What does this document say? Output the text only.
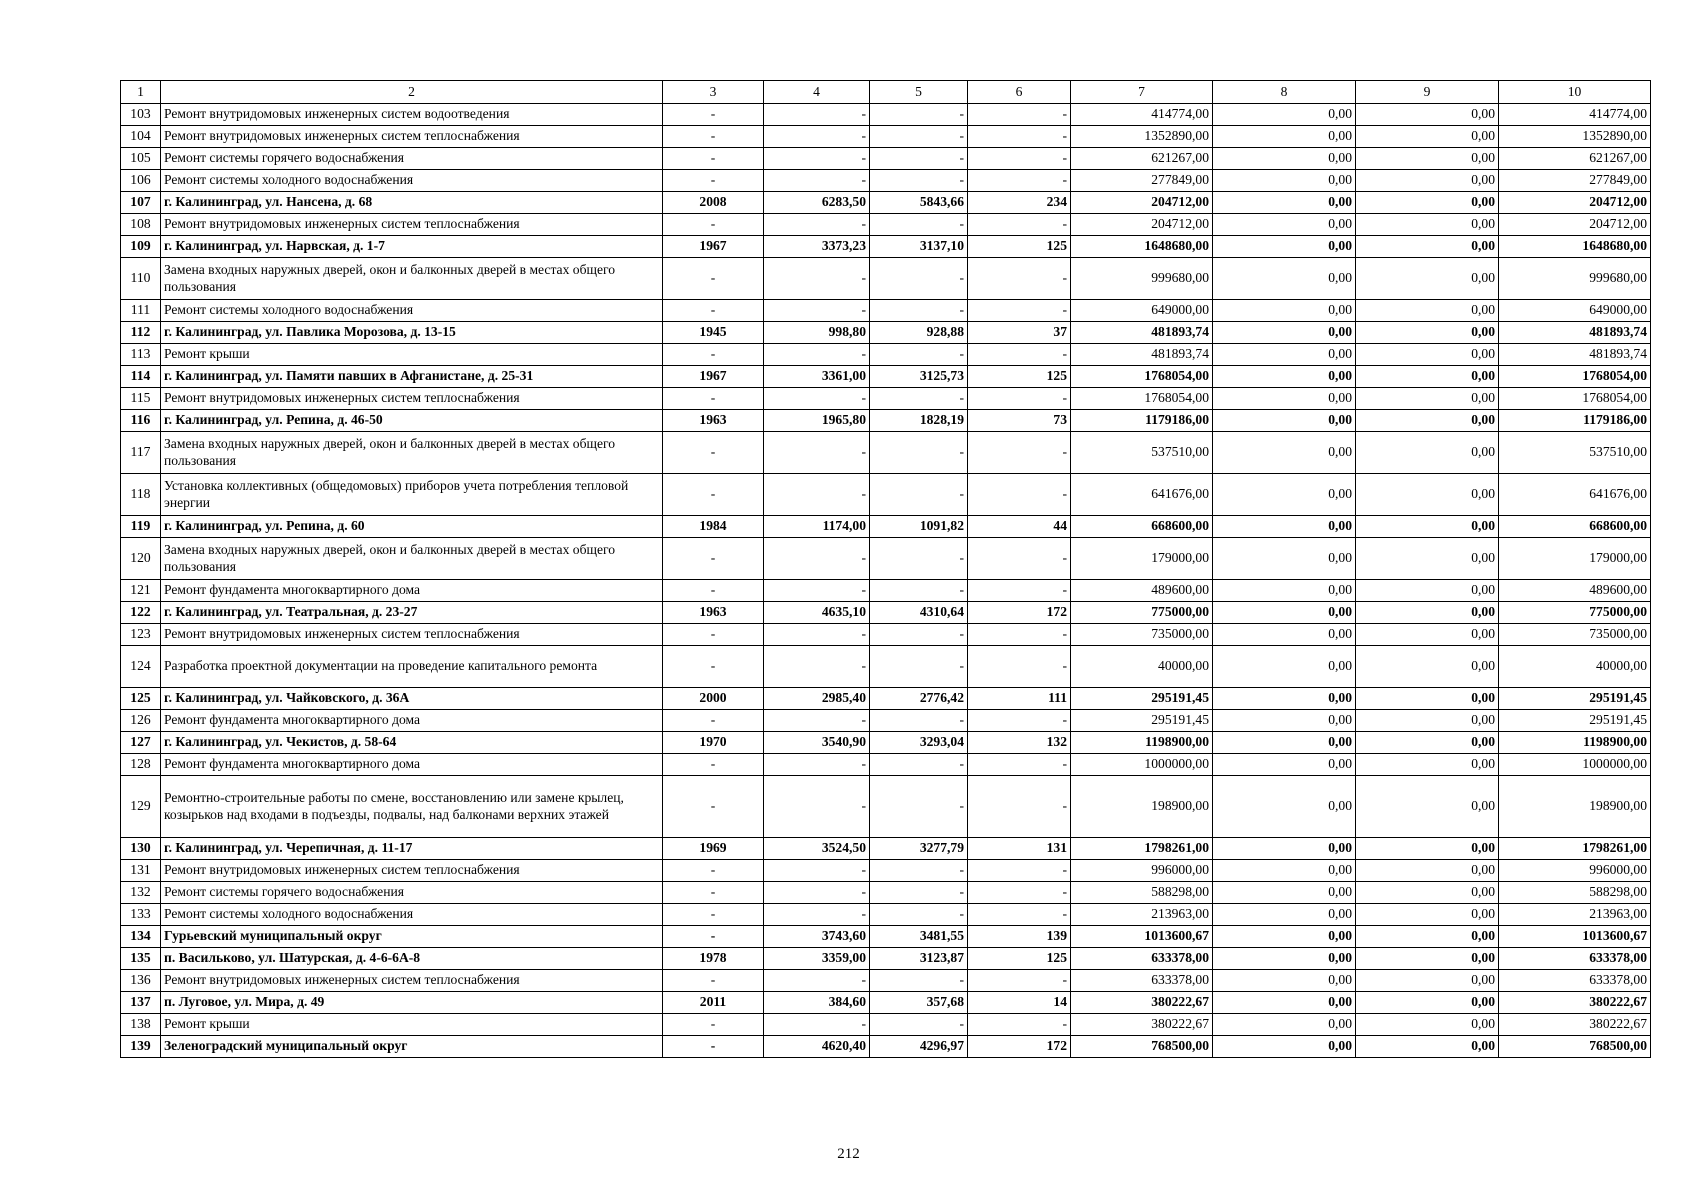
1	2	3	4	5	6	7	8	9	10
103	Ремонт внутридомовых инженерных систем водоотведения	-	-	-	-	414774,00	0,00	0,00	414774,00
104	Ремонт внутридомовых инженерных систем теплоснабжения	-	-	-	-	1352890,00	0,00	0,00	1352890,00
105	Ремонт системы горячего водоснабжения	-	-	-	-	621267,00	0,00	0,00	621267,00
106	Ремонт системы холодного водоснабжения	-	-	-	-	277849,00	0,00	0,00	277849,00
107	г. Калининград, ул. Нансена, д. 68	2008	6283,50	5843,66	234	204712,00	0,00	0,00	204712,00
108	Ремонт внутридомовых инженерных систем теплоснабжения	-	-	-	-	204712,00	0,00	0,00	204712,00
109	г. Калининград, ул. Нарвская, д. 1-7	1967	3373,23	3137,10	125	1648680,00	0,00	0,00	1648680,00
110	Замена входных наружных дверей, окон и балконных дверей в местах общего пользования	-	-	-	-	999680,00	0,00	0,00	999680,00
111	Ремонт системы холодного водоснабжения	-	-	-	-	649000,00	0,00	0,00	649000,00
112	г. Калининград, ул. Павлика Морозова, д. 13-15	1945	998,80	928,88	37	481893,74	0,00	0,00	481893,74
113	Ремонт крыши	-	-	-	-	481893,74	0,00	0,00	481893,74
114	г. Калининград, ул. Памяти павших в Афганистане, д. 25-31	1967	3361,00	3125,73	125	1768054,00	0,00	0,00	1768054,00
115	Ремонт внутридомовых инженерных систем теплоснабжения	-	-	-	-	1768054,00	0,00	0,00	1768054,00
116	г. Калининград, ул. Репина, д. 46-50	1963	1965,80	1828,19	73	1179186,00	0,00	0,00	1179186,00
117	Замена входных наружных дверей, окон и балконных дверей в местах общего пользования	-	-	-	-	537510,00	0,00	0,00	537510,00
118	Установка коллективных (общедомовых) приборов учета потребления тепловой энергии	-	-	-	-	641676,00	0,00	0,00	641676,00
119	г. Калининград, ул. Репина, д. 60	1984	1174,00	1091,82	44	668600,00	0,00	0,00	668600,00
120	Замена входных наружных дверей, окон и балконных дверей в местах общего пользования	-	-	-	-	179000,00	0,00	0,00	179000,00
121	Ремонт фундамента многоквартирного дома	-	-	-	-	489600,00	0,00	0,00	489600,00
122	г. Калининград, ул. Театральная, д. 23-27	1963	4635,10	4310,64	172	775000,00	0,00	0,00	775000,00
123	Ремонт внутридомовых инженерных систем теплоснабжения	-	-	-	-	735000,00	0,00	0,00	735000,00
124	Разработка проектной документации на проведение капитального ремонта	-	-	-	-	40000,00	0,00	0,00	40000,00
125	г. Калининград, ул. Чайковского, д. 36А	2000	2985,40	2776,42	111	295191,45	0,00	0,00	295191,45
126	Ремонт фундамента многоквартирного дома	-	-	-	-	295191,45	0,00	0,00	295191,45
127	г. Калининград, ул. Чекистов, д. 58-64	1970	3540,90	3293,04	132	1198900,00	0,00	0,00	1198900,00
128	Ремонт фундамента многоквартирного дома	-	-	-	-	1000000,00	0,00	0,00	1000000,00
129	Ремонтно-строительные работы по смене, восстановлению или замене крылец, козырьков над входами в подъезды, подвалы, над балконами верхних этажей	-	-	-	-	198900,00	0,00	0,00	198900,00
130	г. Калининград, ул. Черепичная, д. 11-17	1969	3524,50	3277,79	131	1798261,00	0,00	0,00	1798261,00
131	Ремонт внутридомовых инженерных систем теплоснабжения	-	-	-	-	996000,00	0,00	0,00	996000,00
132	Ремонт системы горячего водоснабжения	-	-	-	-	588298,00	0,00	0,00	588298,00
133	Ремонт системы холодного водоснабжения	-	-	-	-	213963,00	0,00	0,00	213963,00
134	Гурьевский муниципальный округ	-	3743,60	3481,55	139	1013600,67	0,00	0,00	1013600,67
135	п. Васильково, ул. Шатурская, д. 4-6-6А-8	1978	3359,00	3123,87	125	633378,00	0,00	0,00	633378,00
136	Ремонт внутридомовых инженерных систем теплоснабжения	-	-	-	-	633378,00	0,00	0,00	633378,00
137	п. Луговое, ул. Мира, д. 49	2011	384,60	357,68	14	380222,67	0,00	0,00	380222,67
138	Ремонт крыши	-	-	-	-	380222,67	0,00	0,00	380222,67
139	Зеленоградский муниципальный округ	-	4620,40	4296,97	172	768500,00	0,00	0,00	768500,00
212
